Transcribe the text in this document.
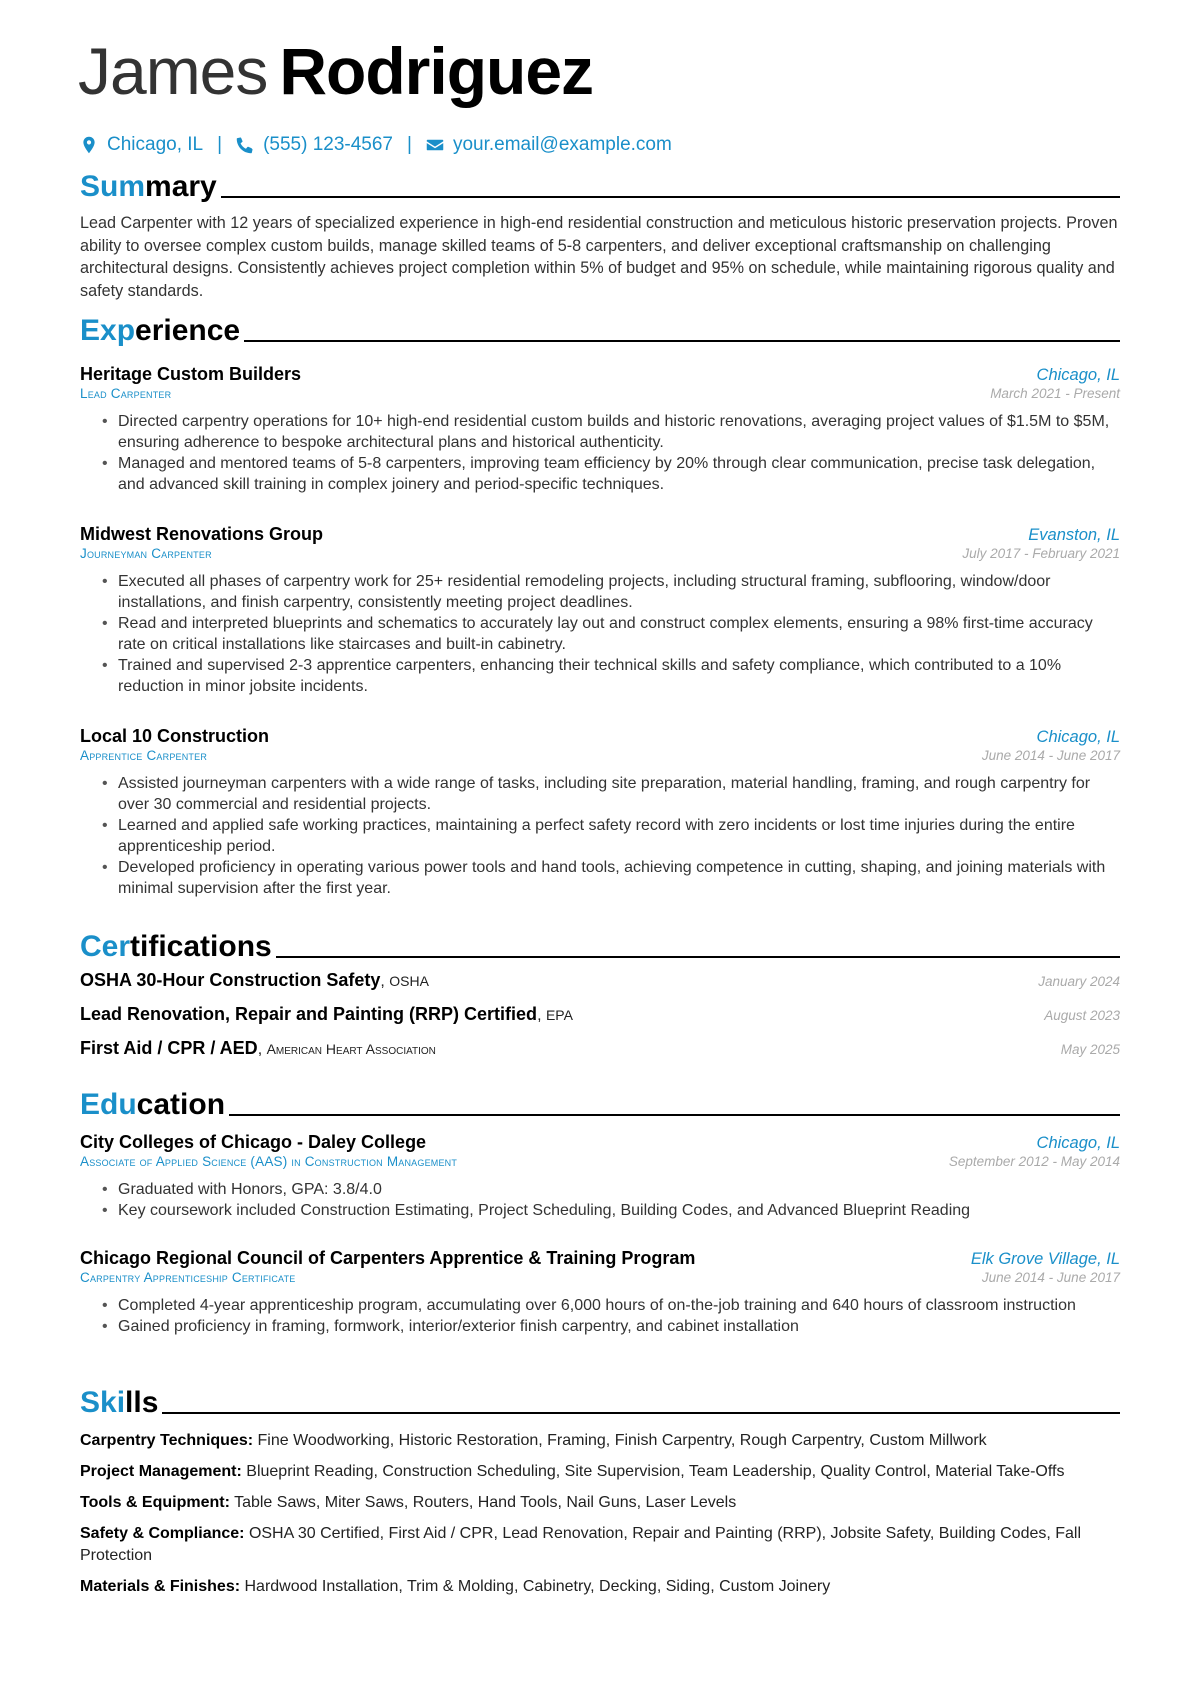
James Rodriguez
Chicago, IL | (555) 123-4567 | your.email@example.com
Summary
Lead Carpenter with 12 years of specialized experience in high-end residential construction and meticulous historic preservation projects. Proven ability to oversee complex custom builds, manage skilled teams of 5-8 carpenters, and deliver exceptional craftsmanship on challenging architectural designs. Consistently achieves project completion within 5% of budget and 95% on schedule, while maintaining rigorous quality and safety standards.
Experience
Heritage Custom Builders	Chicago, IL
Lead Carpenter	March 2021 - Present
• Directed carpentry operations for 10+ high-end residential custom builds and historic renovations, averaging project values of $1.5M to $5M, ensuring adherence to bespoke architectural plans and historical authenticity.
• Managed and mentored teams of 5-8 carpenters, improving team efficiency by 20% through clear communication, precise task delegation, and advanced skill training in complex joinery and period-specific techniques.
Midwest Renovations Group	Evanston, IL
Journeyman Carpenter	July 2017 - February 2021
• Executed all phases of carpentry work for 25+ residential remodeling projects, including structural framing, subflooring, window/door installations, and finish carpentry, consistently meeting project deadlines.
• Read and interpreted blueprints and schematics to accurately lay out and construct complex elements, ensuring a 98% first-time accuracy rate on critical installations like staircases and built-in cabinetry.
• Trained and supervised 2-3 apprentice carpenters, enhancing their technical skills and safety compliance, which contributed to a 10% reduction in minor jobsite incidents.
Local 10 Construction	Chicago, IL
Apprentice Carpenter	June 2014 - June 2017
• Assisted journeyman carpenters with a wide range of tasks, including site preparation, material handling, framing, and rough carpentry for over 30 commercial and residential projects.
• Learned and applied safe working practices, maintaining a perfect safety record with zero incidents or lost time injuries during the entire apprenticeship period.
• Developed proficiency in operating various power tools and hand tools, achieving competence in cutting, shaping, and joining materials with minimal supervision after the first year.
Certifications
OSHA 30-Hour Construction Safety, OSHA	January 2024
Lead Renovation, Repair and Painting (RRP) Certified, EPA	August 2023
First Aid / CPR / AED, American Heart Association	May 2025
Education
City Colleges of Chicago - Daley College	Chicago, IL
Associate of Applied Science (AAS) in Construction Management	September 2012 - May 2014
• Graduated with Honors, GPA: 3.8/4.0
• Key coursework included Construction Estimating, Project Scheduling, Building Codes, and Advanced Blueprint Reading
Chicago Regional Council of Carpenters Apprentice & Training Program	Elk Grove Village, IL
Carpentry Apprenticeship Certificate	June 2014 - June 2017
• Completed 4-year apprenticeship program, accumulating over 6,000 hours of on-the-job training and 640 hours of classroom instruction
• Gained proficiency in framing, formwork, interior/exterior finish carpentry, and cabinet installation
Skills
Carpentry Techniques: Fine Woodworking, Historic Restoration, Framing, Finish Carpentry, Rough Carpentry, Custom Millwork
Project Management: Blueprint Reading, Construction Scheduling, Site Supervision, Team Leadership, Quality Control, Material Take-Offs
Tools & Equipment: Table Saws, Miter Saws, Routers, Hand Tools, Nail Guns, Laser Levels
Safety & Compliance: OSHA 30 Certified, First Aid / CPR, Lead Renovation, Repair and Painting (RRP), Jobsite Safety, Building Codes, Fall Protection
Materials & Finishes: Hardwood Installation, Trim & Molding, Cabinetry, Decking, Siding, Custom Joinery
